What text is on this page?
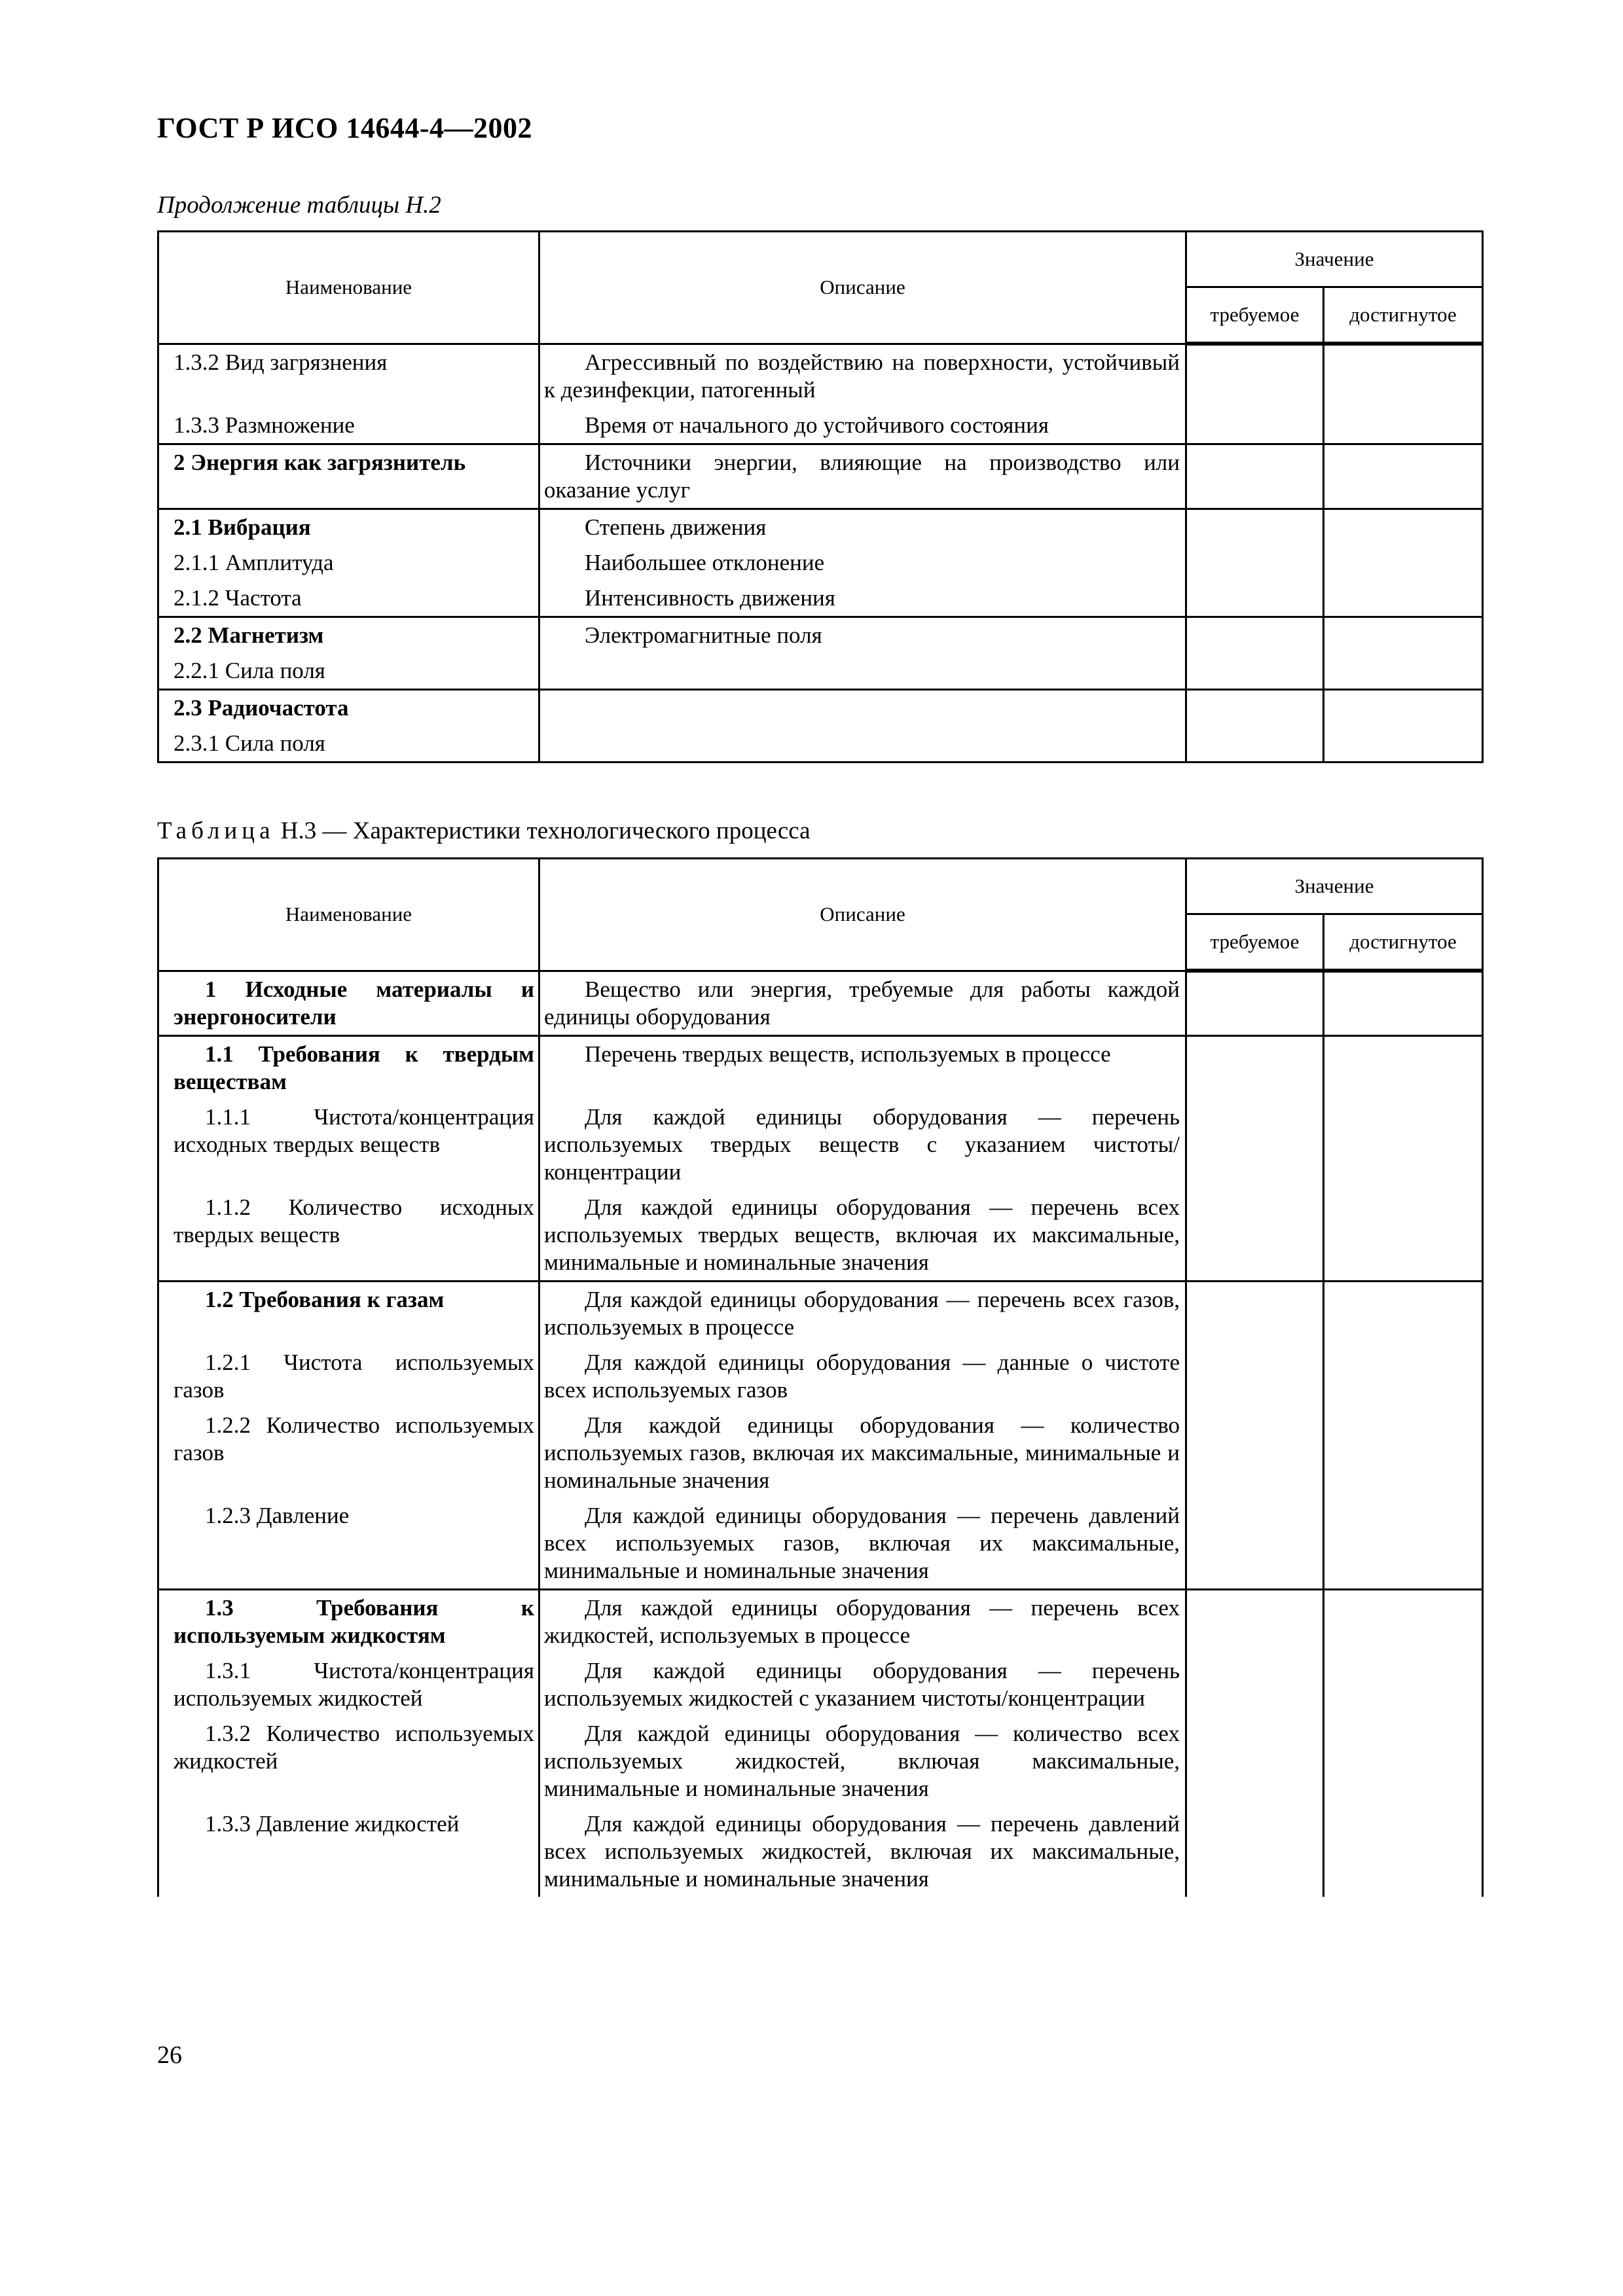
ГОСТ Р ИСО 14644-4—2002
Продолжение таблицы Н.2
Наименование	Описание	Значение	
		требуемое	достигнутое
1.3.2 Вид загрязнения	Агрессивный по воздействию на поверхности, устойчивый к дезинфекции, патогенный		
1.3.3 Размножение	Время от начального до устойчивого состояния		
2 Энергия как загрязнитель	Источники энергии, влияющие на производство или оказание услуг		
2.1 Вибрация	Степень движения		
2.1.1 Амплитуда	Наибольшее отклонение		
2.1.2 Частота	Интенсивность движения		
2.2 Магнетизм	Электромагнитные поля		
2.2.1 Сила поля			
2.3 Радиочастота			
2.3.1 Сила поля			
Таблица Н.3 — Характеристики технологического процесса
Наименование	Описание	Значение	
		требуемое	достигнутое
1 Исходные материалы и энергоносители	Вещество или энергия, требуемые для работы каждой единицы оборудования		
1.1 Требования к твердым веществам	Перечень твердых веществ, используемых в процессе		
1.1.1 Чистота/концентрация исходных твердых веществ	Для каждой единицы оборудования — перечень используемых твердых веществ с указанием чистоты/концентрации		
1.1.2 Количество исходных твердых веществ	Для каждой единицы оборудования — перечень всех используемых твердых веществ, включая их максимальные, минимальные и номинальные значения		
1.2 Требования к газам	Для каждой единицы оборудования — перечень всех газов, используемых в процессе		
1.2.1 Чистота используемых газов	Для каждой единицы оборудования — данные о чистоте всех используемых газов		
1.2.2 Количество используемых газов	Для каждой единицы оборудования — количество используемых газов, включая их максимальные, минимальные и номинальные значения		
1.2.3 Давление	Для каждой единицы оборудования — перечень давлений всех используемых газов, включая их максимальные, минимальные и номинальные значения		
1.3 Требования к используемым жидкостям	Для каждой единицы оборудования — перечень всех жидкостей, используемых в процессе		
1.3.1 Чистота/концентрация используемых жидкостей	Для каждой единицы оборудования — перечень используемых жидкостей с указанием чистоты/концентрации		
1.3.2 Количество используемых жидкостей	Для каждой единицы оборудования — количество всех используемых жидкостей, включая максимальные, минимальные и номинальные значения		
1.3.3 Давление жидкостей	Для каждой единицы оборудования — перечень давлений всех используемых жидкостей, включая их максимальные, минимальные и номинальные значения		
26
